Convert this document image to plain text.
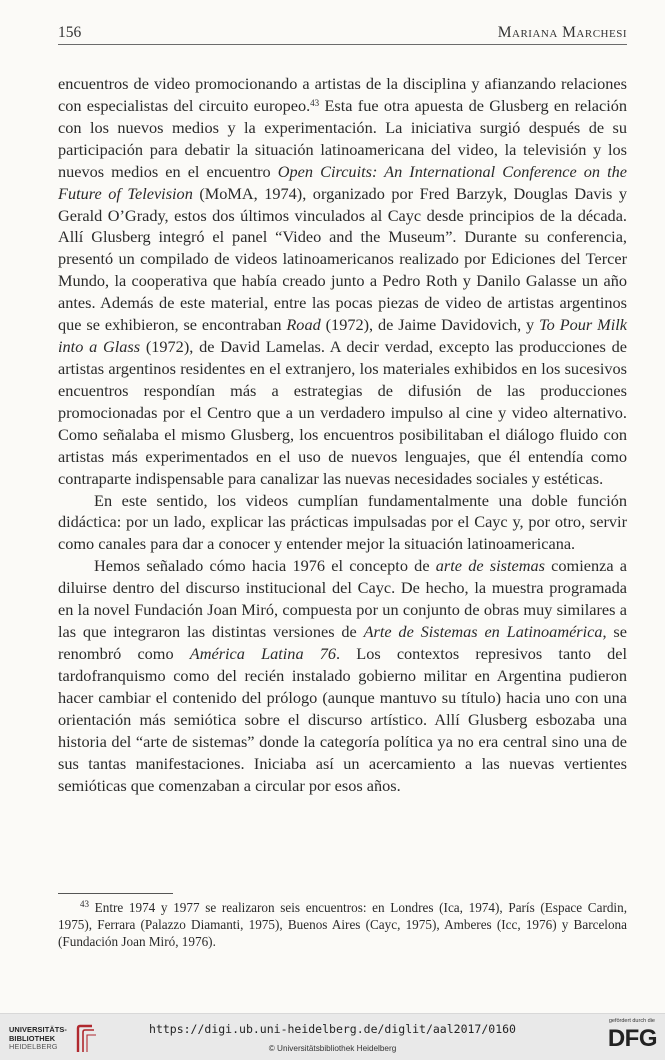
156	Mariana Marchesi

encuentros de video promocionando a artistas de la disciplina y afianzando relaciones con especialistas del circuito europeo.$^{43}$ Esta fue otra apuesta de Glusberg en relación con los nuevos medios y la experimentación. La iniciativa surgió después de su participación para debatir la situación latinoamericana del video, la televisión y los nuevos medios en el encuentro Open Circuits: An International Conference on the Future of Television (MoMA, 1974), organizado por Fred Barzyk, Douglas Davis y Gerald O’Grady, estos dos últimos vinculados al Cayc desde principios de la década. Allí Glusberg integró el panel “Video and the Museum”. Durante su conferencia, presentó un compilado de videos latinoamericanos realizado por Ediciones del Tercer Mundo, la cooperativa que había creado junto a Pedro Roth y Danilo Galasse un año antes. Además de este material, entre las pocas piezas de video de artistas argentinos que se exhibieron, se encontraban Road (1972), de Jaime Davidovich, y To Pour Milk into a Glass (1972), de David Lamelas. A decir verdad, excepto las producciones de artistas argentinos residentes en el extranjero, los materiales exhibidos en los sucesivos encuentros respondían más a estrategias de difusión de las producciones promocionadas por el Centro que a un verdadero impulso al cine y video alternativo. Como señalaba el mismo Glusberg, los encuentros posibilitaban el diálogo fluido con artistas más experimentados en el uso de nuevos lenguajes, que él entendía como contraparte indispensable para canalizar las nuevas necesidades sociales y estéticas.

En este sentido, los videos cumplían fundamentalmente una doble función didáctica: por un lado, explicar las prácticas impulsadas por el Cayc y, por otro, servir como canales para dar a conocer y entender mejor la situación latinoamericana.

Hemos señalado cómo hacia 1976 el concepto de arte de sistemas comienza a diluirse dentro del discurso institucional del Cayc. De hecho, la muestra programada en la novel Fundación Joan Miró, compuesta por un conjunto de obras muy similares a las que integraron las distintas versiones de Arte de Sistemas en Latinoamérica, se renombró como América Latina 76. Los contextos represivos tanto del tardofranquismo como del recién instalado gobierno militar en Argentina pudieron hacer cambiar el contenido del prólogo (aunque mantuvo su título) hacia uno con una orientación más semiótica sobre el discurso artístico. Allí Glusberg esbozaba una historia del “arte de sistemas” donde la categoría política ya no era central sino una de sus tantas manifestaciones. Iniciaba así un acercamiento a las nuevas vertientes semióticas que comenzaban a circular por esos años.

$^{43}$ Entre 1974 y 1977 se realizaron seis encuentros: en Londres (Ica, 1974), París (Espace Cardin, 1975), Ferrara (Palazzo Diamanti, 1975), Buenos Aires (Cayc, 1975), Amberes (Icc, 1976) y Barcelona (Fundación Joan Miró, 1976).
UNIVERSITÄTS-
BIBLIOTHEK
HEIDELBERG
https://digi.ub.uni-heidelberg.de/diglit/aal2017/0160
© Universitätsbibliothek Heidelberg
gefördert durch die
DFG
